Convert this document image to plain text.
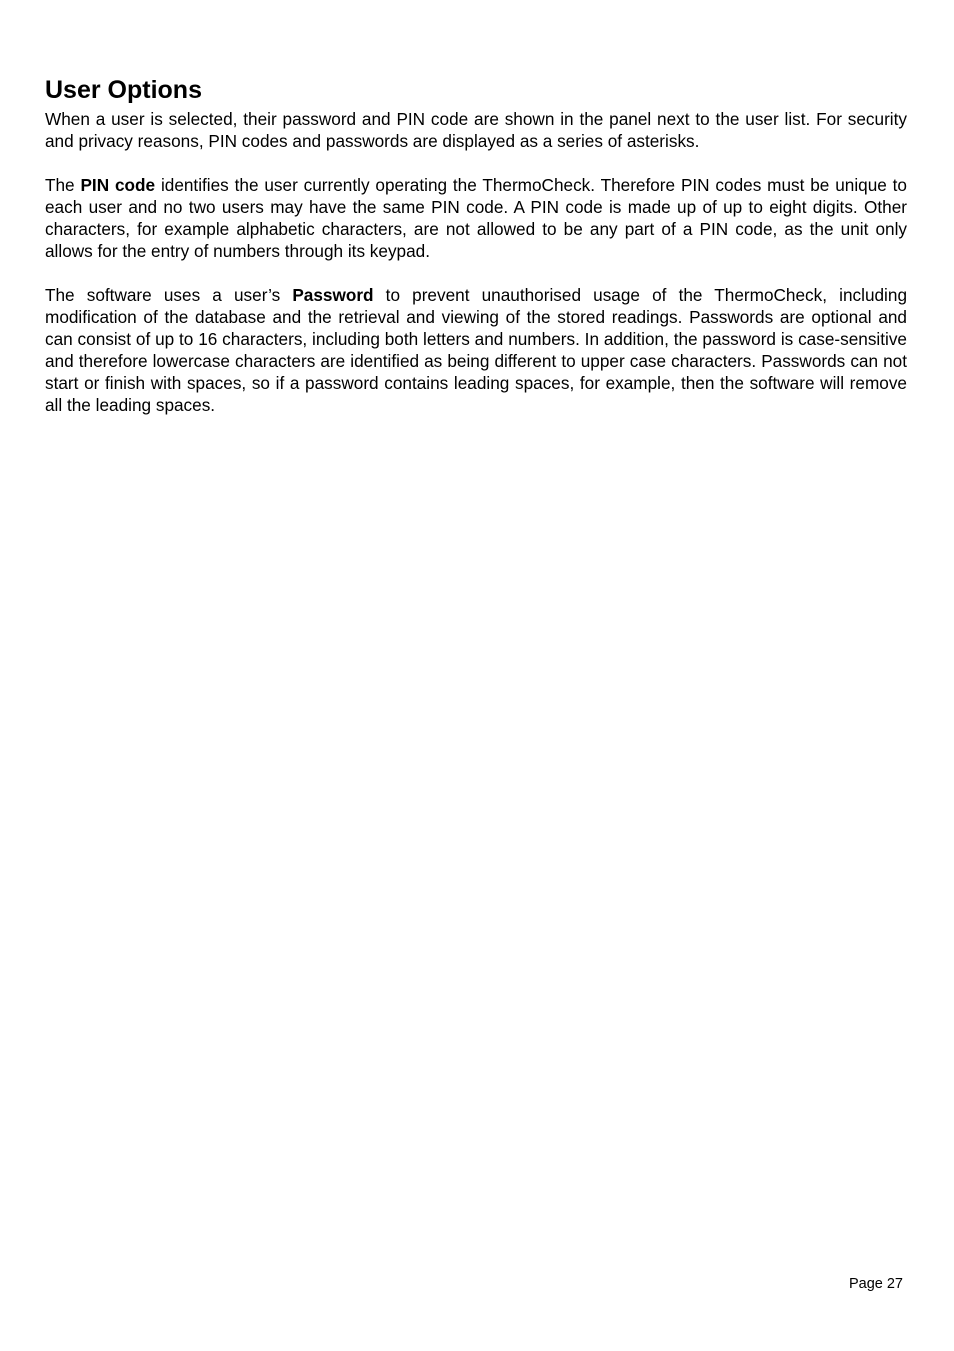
User Options

When a user is selected, their password and PIN code are shown in the panel next to the user list. For security and privacy reasons, PIN codes and passwords are displayed as a series of asterisks.

The PIN code identifies the user currently operating the ThermoCheck. Therefore PIN codes must be unique to each user and no two users may have the same PIN code. A PIN code is made up of up to eight digits. Other characters, for example alphabetic characters, are not allowed to be any part of a PIN code, as the unit only allows for the entry of numbers through its keypad.

The software uses a user’s Password to prevent unauthorised usage of the ThermoCheck, including modification of the database and the retrieval and viewing of the stored readings. Passwords are optional and can consist of up to 16 characters, including both letters and numbers. In addition, the password is case-sensitive and therefore lowercase characters are identified as being different to upper case characters. Passwords can not start or finish with spaces, so if a password contains leading spaces, for example, then the software will remove all the leading spaces.

Page 27
